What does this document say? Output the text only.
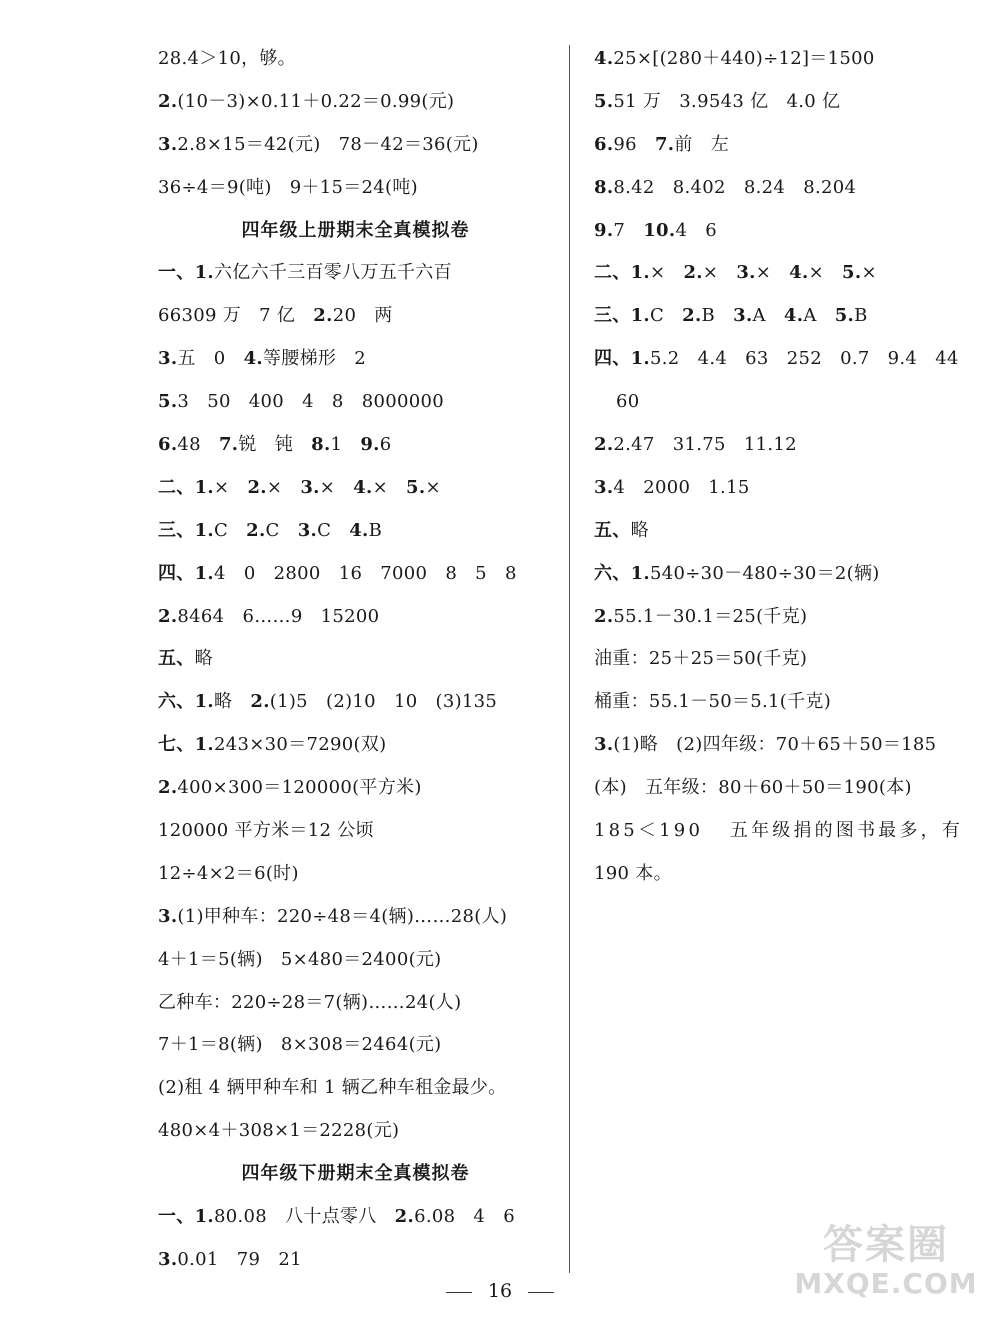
28.4＞10，够。
2.(10－3)×0.11＋0.22＝0.99(元)
3.2.8×15＝42(元)   78－42＝36(元)
36÷4＝9(吨)   9＋15＝24(吨)
四年级上册期末全真模拟卷
一、1.六亿六千三百零八万五千六百
66309 万   7 亿   2.20   两
3.五   0   4.等腰梯形   2
5.3   50   400   4   8   8000000
6.48   7.锐   钝   8.1   9.6
二、1.×   2.×   3.×   4.×   5.×
三、1.C   2.C   3.C   4.B
四、1.4   0   2800   16   7000   8   5   8
2.8464   6……9   15200
五、略
六、1.略   2.(1)5   (2)10   10   (3)135
七、1.243×30＝7290(双)
2.400×300＝120000(平方米)
120000 平方米＝12 公顷
12÷4×2＝6(时)
3.(1)甲种车：220÷48＝4(辆)……28(人)
4＋1＝5(辆)   5×480＝2400(元)
乙种车：220÷28＝7(辆)……24(人)
7＋1＝8(辆)   8×308＝2464(元)
(2)租 4 辆甲种车和 1 辆乙种车租金最少。
480×4＋308×1＝2228(元)
四年级下册期末全真模拟卷
一、1.80.08   八十点零八   2.6.08   4   6
3.0.01   79   21
4.25×[(280＋440)÷12]＝1500
5.51 万   3.9543 亿   4.0 亿
6.96   7.前   左
8.8.42   8.402   8.24   8.204
9.7   10.4   6
二、1.×   2.×   3.×   4.×   5.×
三、1.C   2.B   3.A   4.A   5.B
四、1.5.2   4.4   63   252   0.7   9.4   44
60
2.2.47   31.75   11.12
3.4   2000   1.15
五、略
六、1.540÷30－480÷30＝2(辆)
2.55.1－30.1＝25(千克)
油重：25＋25＝50(千克)
桶重：55.1－50＝5.1(千克)
3.(1)略   (2)四年级：70＋65＋50＝185
(本)   五年级：80＋60＋50＝190(本)
185＜190   五年级捐的图书最多，有
190 本。
16
答案圈
MXQE.COM
